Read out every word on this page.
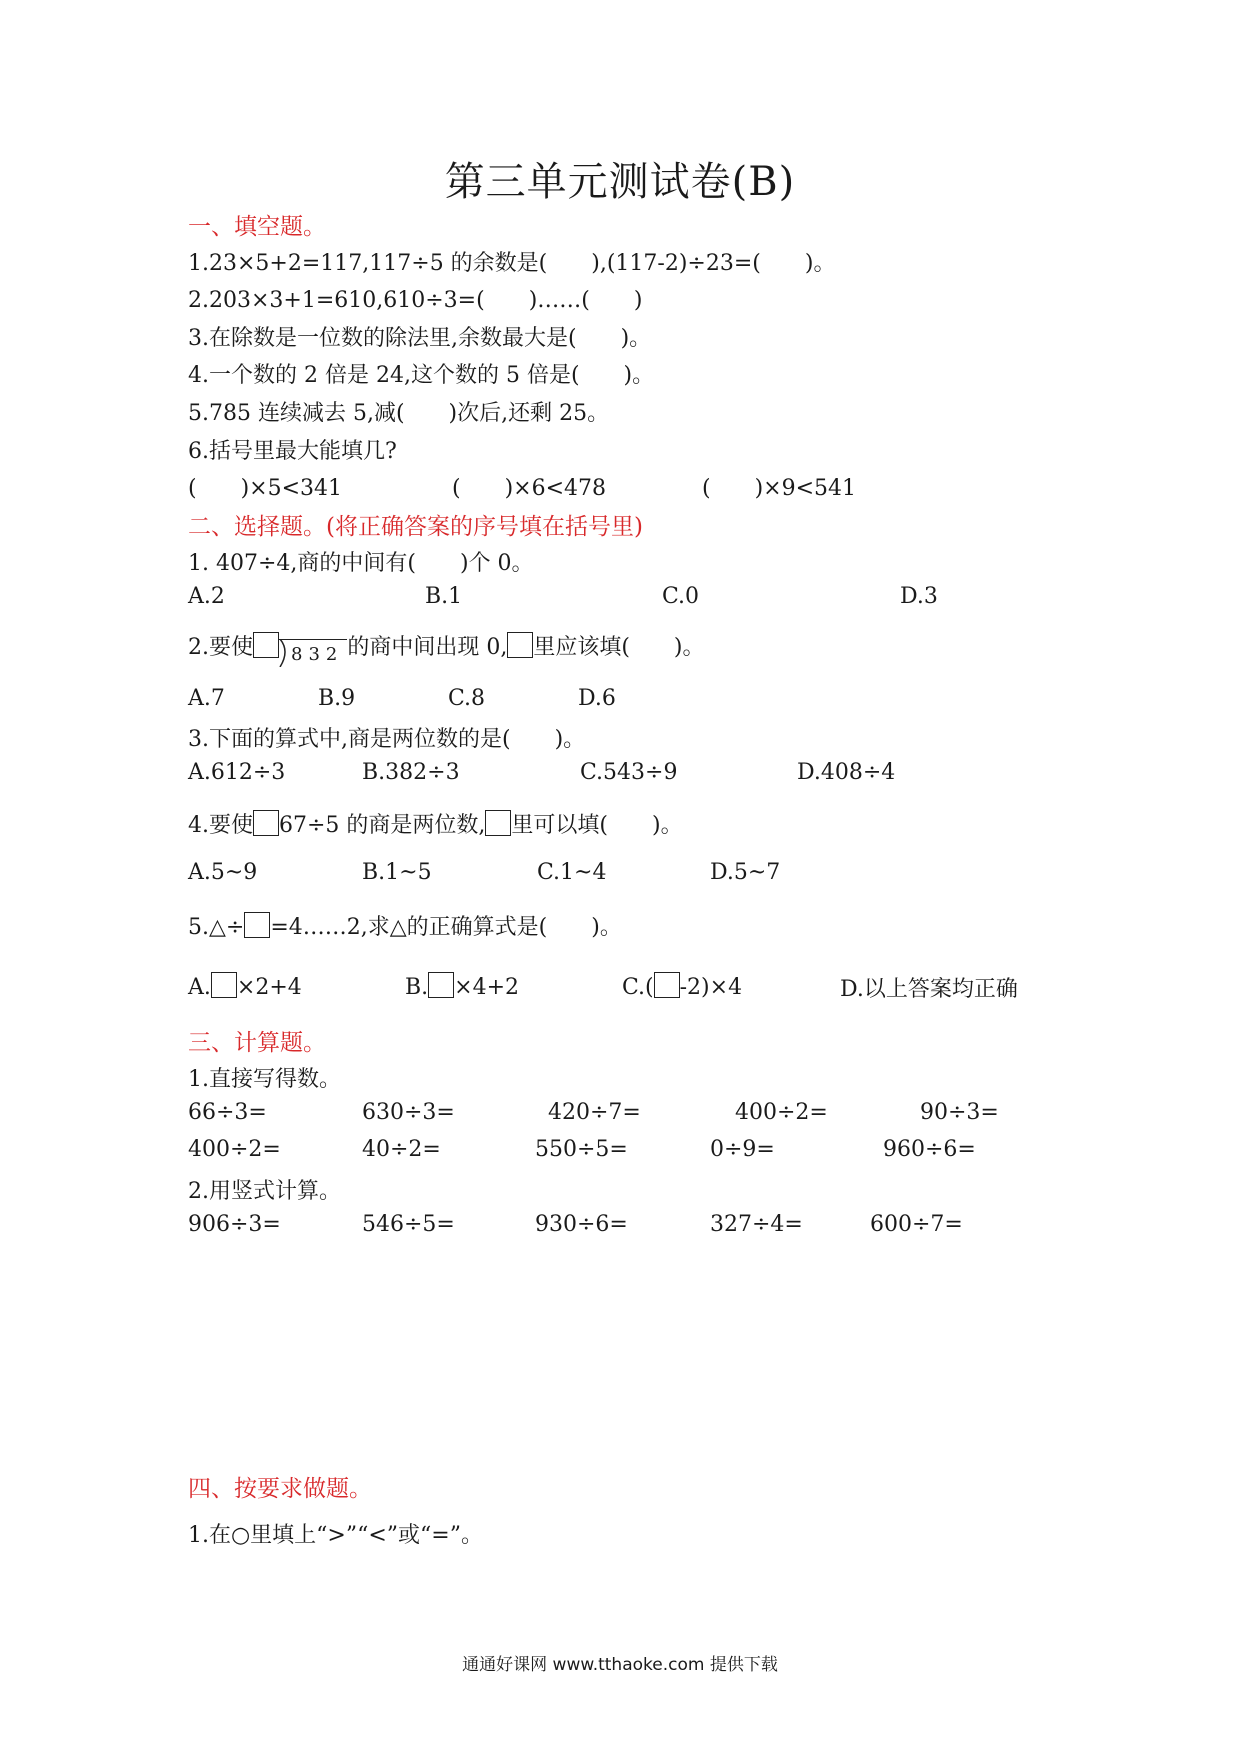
第三单元测试卷(B)
一、填空题。
1.23×5+2=117,117÷5 的余数是(　　),(117-2)÷23=(　　)。
2.203×3+1=610,610÷3=(　　)……(　　)
3.在除数是一位数的除法里,余数最大是(　　)。
4.一个数的 2 倍是 24,这个数的 5 倍是(　　)。
5.785 连续减去 5,减(　　)次后,还剩 25。
6.括号里最大能填几?
(　　)×5<341	(　　)×6<478	(　　)×9<541
二、选择题。(将正确答案的序号填在括号里)
1. 407÷4,商的中间有(　　)个 0。
A.2	B.1	C.0	D.3
2.要使 832 的商中间出现 0, 里应该填(　　)。
A.7	B.9	C.8	D.6
3.下面的算式中,商是两位数的是(　　)。
A.612÷3	B.382÷3	C.543÷9	D.408÷4
4.要使 67÷5 的商是两位数, 里可以填(　　)。
A.5~9	B.1~5	C.1~4	D.5~7
5.△÷ =4……2,求△的正确算式是(　　)。
A. ×2+4	B. ×4+2	C.( -2)×4	D.以上答案均正确
三、计算题。
1.直接写得数。
66÷3=	630÷3=	420÷7=	400÷2=	90÷3=
400÷2=	40÷2=	550÷5=	0÷9=	960÷6=
2.用竖式计算。
906÷3=	546÷5=	930÷6=	327÷4=	600÷7=
四、按要求做题。
1.在○里填上“>”“<”或“=”。
通通好课网 www.tthaoke.com 提供下载
